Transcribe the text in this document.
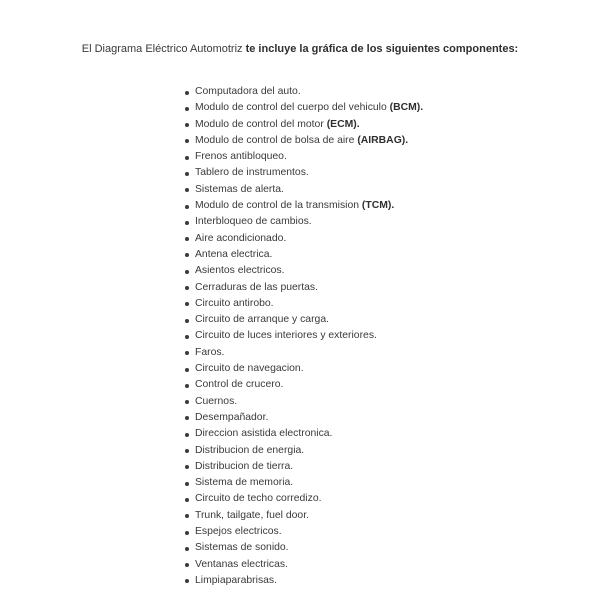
El Diagrama Eléctrico Automotriz te incluye la gráfica de los siguientes componentes:

Computadora del auto.
Modulo de control del cuerpo del vehiculo (BCM).
Modulo de control del motor (ECM).
Modulo de control de bolsa de aire (AIRBAG).
Frenos antibloqueo.
Tablero de instrumentos.
Sistemas de alerta.
Modulo de control de la transmision (TCM).
Interbloqueo de cambios.
Aire acondicionado.
Antena electrica.
Asientos electricos.
Cerraduras de las puertas.
Circuito antirobo.
Circuito de arranque y carga.
Circuito de luces interiores y exteriores.
Faros.
Circuito de navegacion.
Control de crucero.
Cuernos.
Desempañador.
Direccion asistida electronica.
Distribucion de energia.
Distribucion de tierra.
Sistema de memoria.
Circuito de techo corredizo.
Trunk, tailgate, fuel door.
Espejos electricos.
Sistemas de sonido.
Ventanas electricas.
Limpiaparabrisas.
